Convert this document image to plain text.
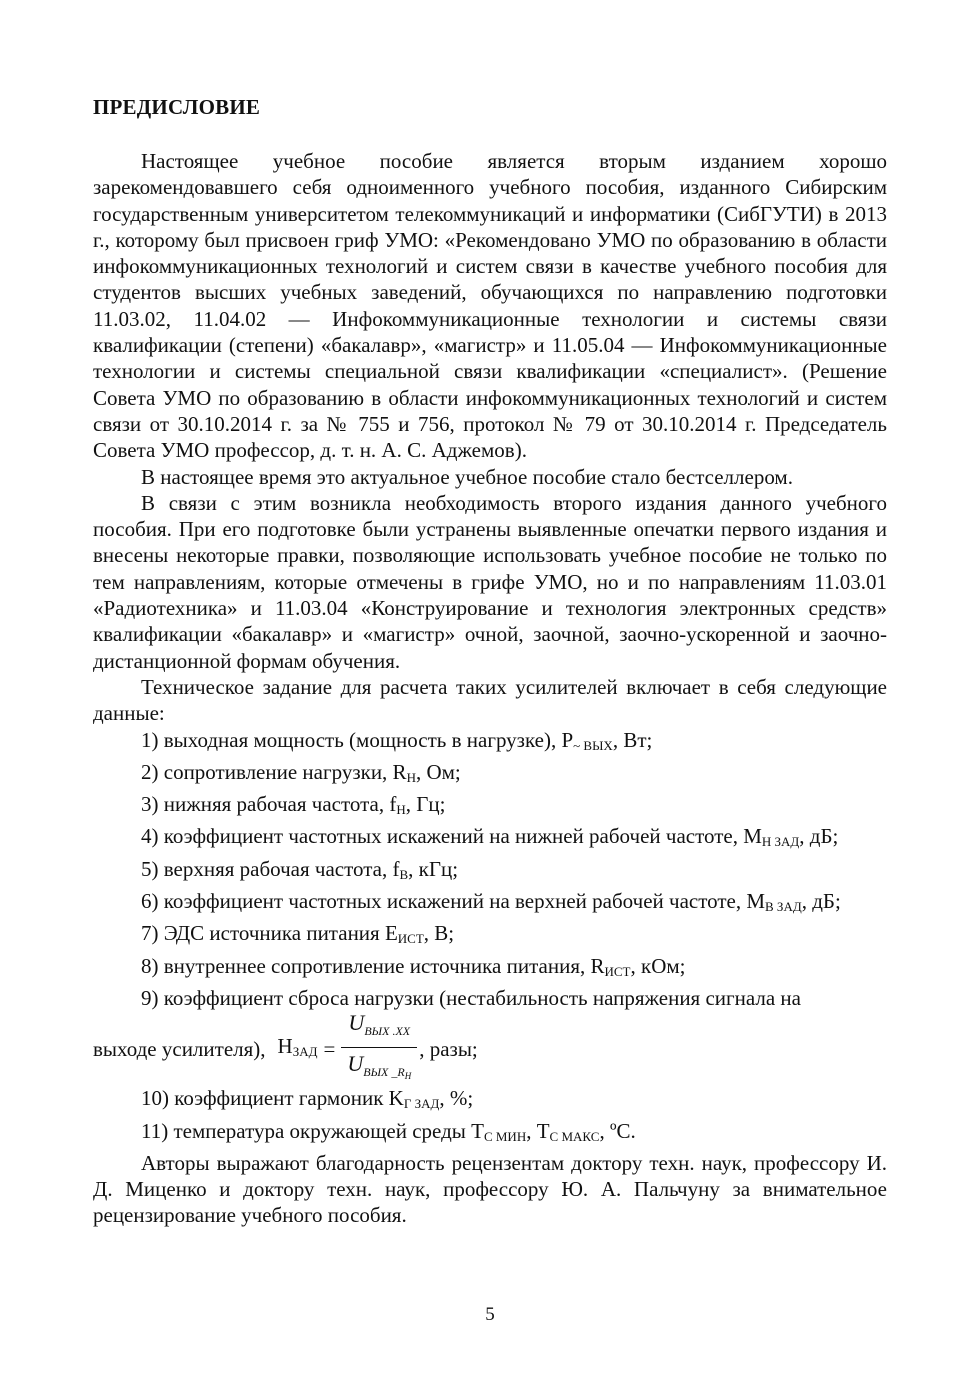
ПРЕДИСЛОВИЕ

Настоящее учебное пособие является вторым изданием хорошо зарекомендовавшего себя одноименного учебного пособия, изданного Сибирским государственным университетом телекоммуникаций и информатики (СибГУТИ) в 2013 г., которому был присвоен гриф УМО: «Рекомендовано УМО по образованию в области инфокоммуникационных технологий и систем связи в качестве учебного пособия для студентов высших учебных заведений, обучающихся по направлению подготовки 11.03.02, 11.04.02 — Инфокоммуникационные технологии и системы связи квалификации (степени) «бакалавр», «магистр» и 11.05.04 — Инфокоммуникационные технологии и системы специальной связи квалификации «специалист». (Решение Совета УМО по образованию в области инфокоммуникационных технологий и систем связи от 30.10.2014 г. за № 755 и 756, протокол № 79 от 30.10.2014 г. Председатель Совета УМО профессор, д. т. н. А. С. Аджемов).

В настоящее время это актуальное учебное пособие стало бестселлером.

В связи с этим возникла необходимость второго издания данного учебного пособия. При его подготовке были устранены выявленные опечатки первого издания и внесены некоторые правки, позволяющие использовать учебное пособие не только по тем направлениям, которые отмечены в грифе УМО, но и по направлениям 11.03.01 «Радиотехника» и 11.03.04 «Конструирование и технология электронных средств» квалификации «бакалавр» и «магистр» очной, заочной, заочно-ускоренной и заочно-дистанционной формам обучения.

Техническое задание для расчета таких усилителей включает в себя следующие данные:

1) выходная мощность (мощность в нагрузке), $P_{\sim ВЫХ}$, Вт;

2) сопротивление нагрузки, $R_Н$, Ом;

3) нижняя рабочая частота, $f_Н$, Гц;

4) коэффициент частотных искажений на нижней рабочей частоте, $M_{Н ЗАД}$, дБ;

5) верхняя рабочая частота, $f_В$, кГц;

6) коэффициент частотных искажений на верхней рабочей частоте, $M_{В ЗАД}$, дБ;

7) ЭДС источника питания $E_{ИСТ}$, В;

8) внутреннее сопротивление источника питания, $R_{ИСТ}$, кОм;

9) коэффициент сброса нагрузки (нестабильность напряжения сигнала на

выходе усилителя), $H_{ЗАД} = \frac{U_{ВЫХ .XX}}{U_{ВЫХ \_R_H}}$ , разы;

10) коэффициент гармоник $K_{Г ЗАД}$, %;

11) температура окружающей среды $T_{С МИН}$, $T_{С МАКС}$, ºС.

Авторы выражают благодарность рецензентам доктору техн. наук, профессору И. Д. Миценко и доктору техн. наук, профессору Ю. А. Пальчуну за внимательное рецензирование учебного пособия.

5
